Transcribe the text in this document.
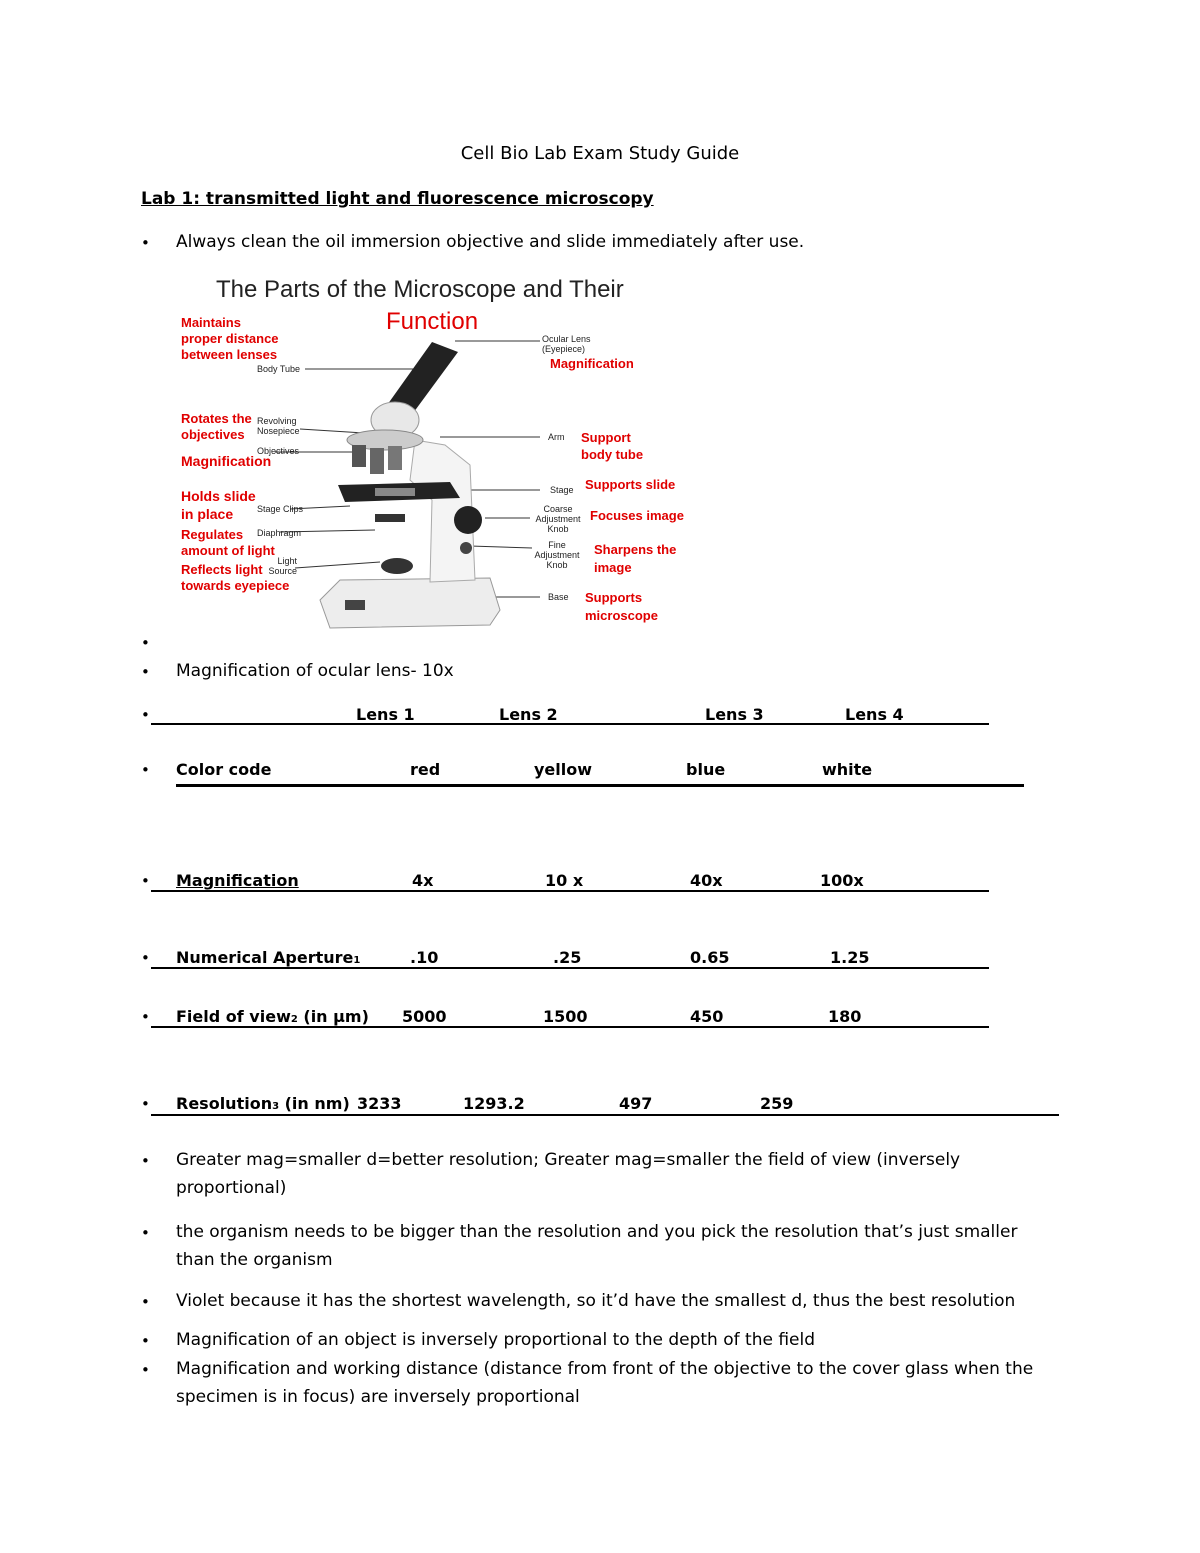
Cell Bio Lab Exam Study Guide
Lab 1: transmitted light and fluorescence microscopy
• Always clean the oil immersion objective and slide immediately after use.
The Parts of the Microscope and Their
Function
Body Tube
Revolving Nosepiece
Objectives
Stage Clips
Diaphragm
Light Source
Ocular Lens (Eyepiece)
Arm
Stage
Coarse Adjustment Knob
Fine Adjustment Knob
Base
Maintains
proper distance
between lenses
Rotates the
objectives
Magnification
Holds slide
in place
Regulates
amount of light
Reflects light
towards eyepiece
Magnification
Support
body tube
Supports slide
Focuses image
Sharpens the
image
Supports
microscope
•
• Magnification of ocular lens- 10x
•	Lens 1	Lens 2	Lens 3	Lens 4
• Color code	red	yellow	blue	white
• Magnification	4x	10 x	40x	100x
• Numerical Aperture1	.10	.25	0.65	1.25
• Field of view2 (in μm) 5000	1500	450	180
• Resolution3 (in nm) 3233	1293.2	497	259
• Greater mag=smaller d=better resolution; Greater mag=smaller the field of view (inversely proportional)
• the organism needs to be bigger than the resolution and you pick the resolution that’s just smaller than the organism
• Violet because it has the shortest wavelength, so it’d have the smallest d, thus the best resolution
• Magnification of an object is inversely proportional to the depth of the field
• Magnification and working distance (distance from front of the objective to the cover glass when the specimen is in focus) are inversely proportional
